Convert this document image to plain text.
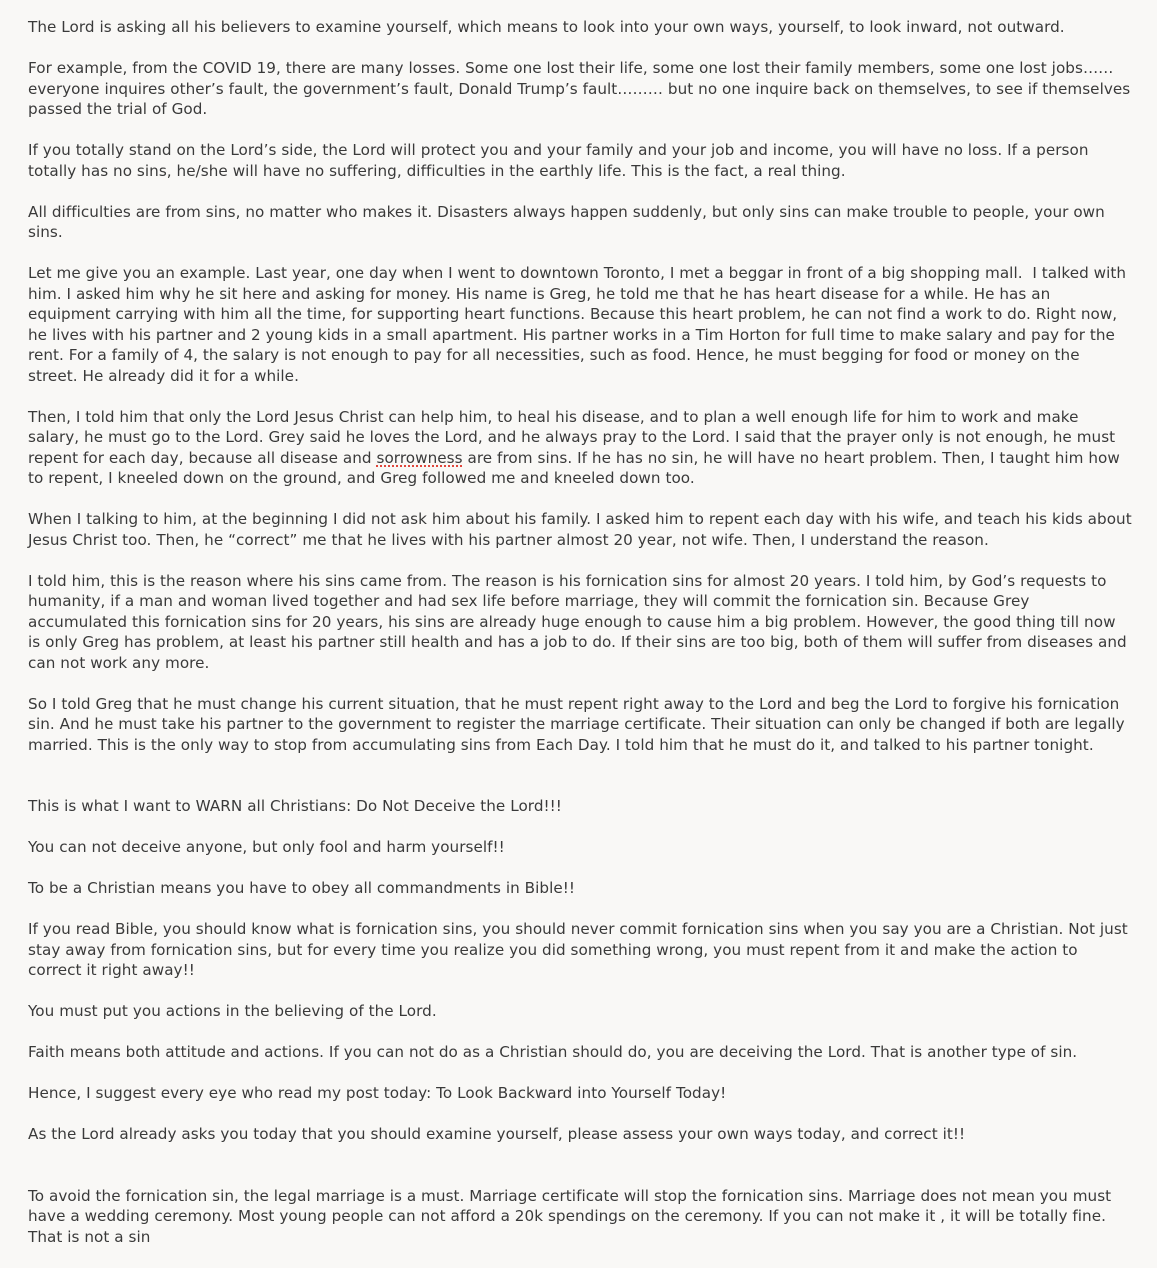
The Lord is asking all his believers to examine yourself, which means to look into your own ways, yourself, to look inward, not outward.

For example, from the COVID 19, there are many losses. Some one lost their life, some one lost their family members, some one lost jobs…… everyone inquires other’s fault, the government’s fault, Donald Trump’s fault……… but no one inquire back on themselves, to see if themselves passed the trial of God.

If you totally stand on the Lord’s side, the Lord will protect you and your family and your job and income, you will have no loss. If a person totally has no sins, he/she will have no suffering, difficulties in the earthly life. This is the fact, a real thing.

All difficulties are from sins, no matter who makes it. Disasters always happen suddenly, but only sins can make trouble to people, your own sins.

Let me give you an example. Last year, one day when I went to downtown Toronto, I met a beggar in front of a big shopping mall.  I talked with him. I asked him why he sit here and asking for money. His name is Greg, he told me that he has heart disease for a while. He has an equipment carrying with him all the time, for supporting heart functions. Because this heart problem, he can not find a work to do. Right now, he lives with his partner and 2 young kids in a small apartment. His partner works in a Tim Horton for full time to make salary and pay for the rent. For a family of 4, the salary is not enough to pay for all necessities, such as food. Hence, he must begging for food or money on the street. He already did it for a while.

Then, I told him that only the Lord Jesus Christ can help him, to heal his disease, and to plan a well enough life for him to work and make salary, he must go to the Lord. Grey said he loves the Lord, and he always pray to the Lord. I said that the prayer only is not enough, he must repent for each day, because all disease and sorrowness are from sins. If he has no sin, he will have no heart problem. Then, I taught him how to repent, I kneeled down on the ground, and Greg followed me and kneeled down too.

When I talking to him, at the beginning I did not ask him about his family. I asked him to repent each day with his wife, and teach his kids about Jesus Christ too. Then, he “correct” me that he lives with his partner almost 20 year, not wife. Then, I understand the reason.

I told him, this is the reason where his sins came from. The reason is his fornication sins for almost 20 years. I told him, by God’s requests to humanity, if a man and woman lived together and had sex life before marriage, they will commit the fornication sin. Because Grey accumulated this fornication sins for 20 years, his sins are already huge enough to cause him a big problem. However, the good thing till now is only Greg has problem, at least his partner still health and has a job to do. If their sins are too big, both of them will suffer from diseases and can not work any more.

So I told Greg that he must change his current situation, that he must repent right away to the Lord and beg the Lord to forgive his fornication sin. And he must take his partner to the government to register the marriage certificate. Their situation can only be changed if both are legally married. This is the only way to stop from accumulating sins from Each Day. I told him that he must do it, and talked to his partner tonight.

This is what I want to WARN all Christians: Do Not Deceive the Lord!!!

You can not deceive anyone, but only fool and harm yourself!!

To be a Christian means you have to obey all commandments in Bible!!

If you read Bible, you should know what is fornication sins, you should never commit fornication sins when you say you are a Christian. Not just stay away from fornication sins, but for every time you realize you did something wrong, you must repent from it and make the action to correct it right away!!

You must put you actions in the believing of the Lord.

Faith means both attitude and actions. If you can not do as a Christian should do, you are deceiving the Lord. That is another type of sin.

Hence, I suggest every eye who read my post today: To Look Backward into Yourself Today!

As the Lord already asks you today that you should examine yourself, please assess your own ways today, and correct it!!

To avoid the fornication sin, the legal marriage is a must. Marriage certificate will stop the fornication sins. Marriage does not mean you must have a wedding ceremony. Most young people can not afford a 20k spendings on the ceremony. If you can not make it , it will be totally fine. That is not a sin
